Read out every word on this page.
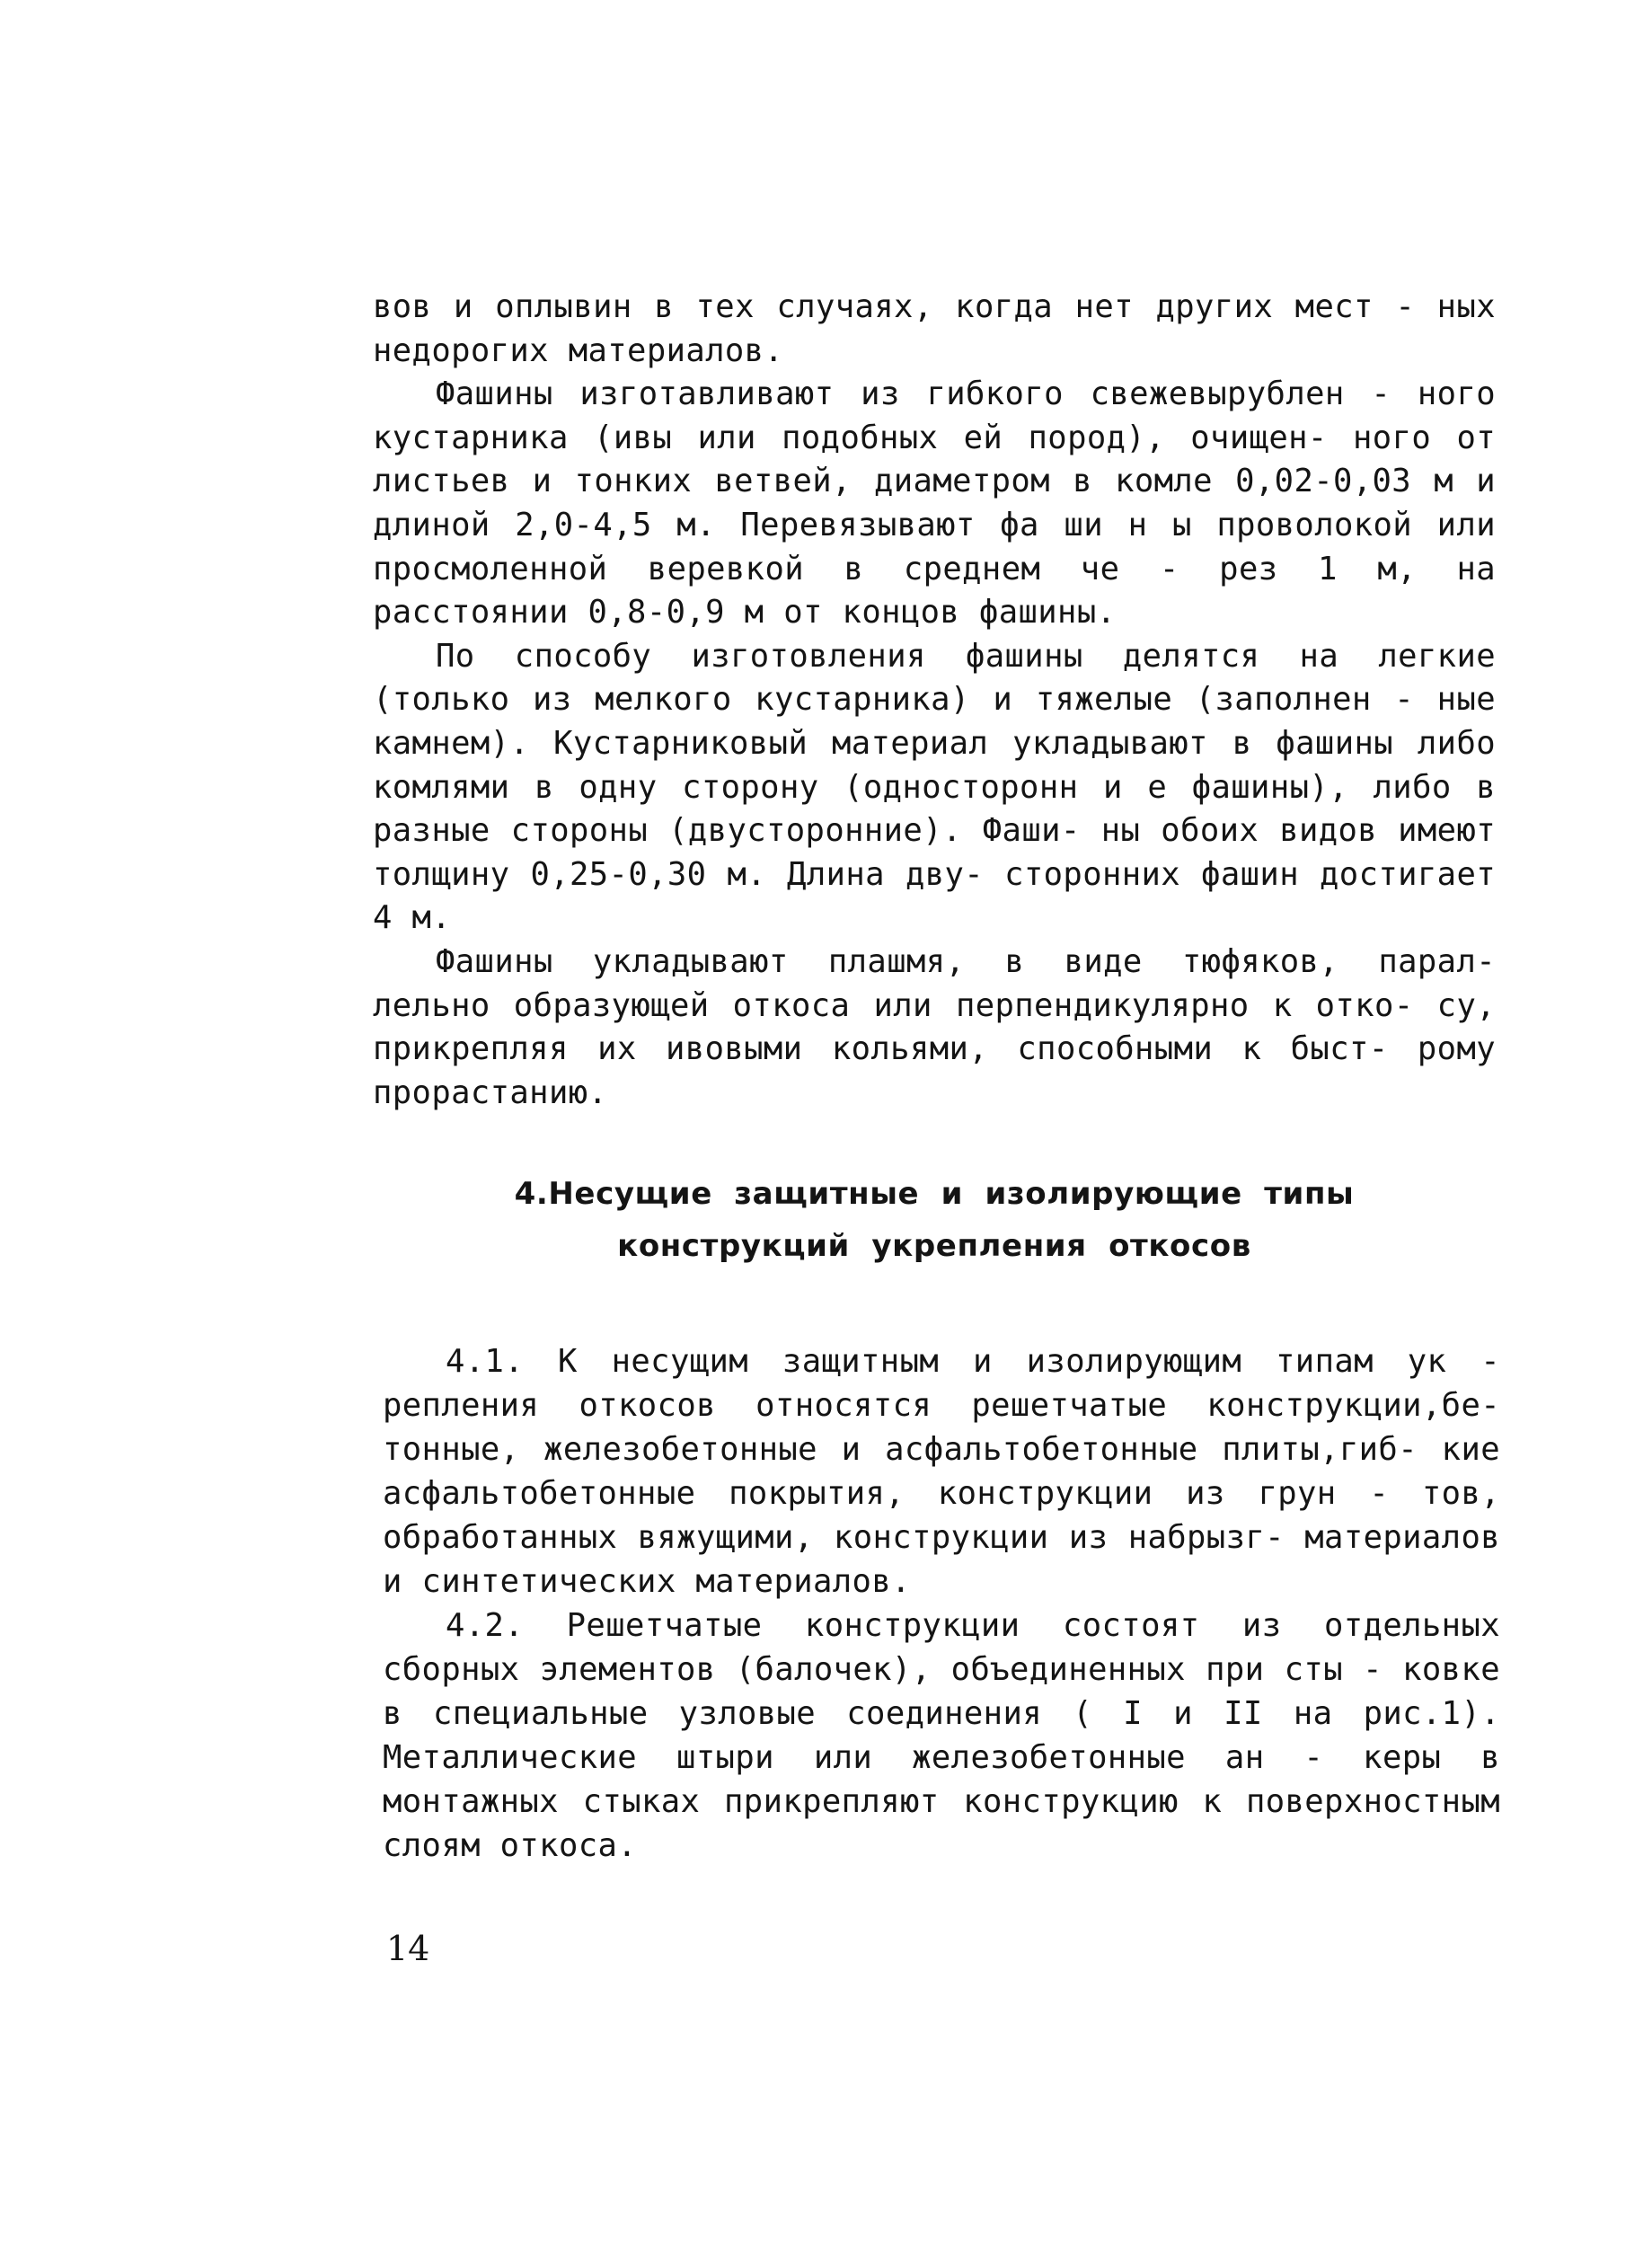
вов и оплывин в тех случаях, когда нет других мест - ных недорогих материалов.

Фашины изготавливают из гибкого свежевырублен - ного кустарника (ивы или подобных ей пород), очищен- ного от листьев и тонких ветвей, диаметром в комле 0,02-0,03 м и длиной 2,0-4,5 м. Перевязывают фа ши н ы проволокой или просмоленной веревкой в среднем че - рез 1 м, на расстоянии 0,8-0,9 м от концов фашины.

По способу изготовления фашины делятся на легкие (только из мелкого кустарника) и тяжелые (заполнен - ные камнем). Кустарниковый материал укладывают в фашины либо комлями в одну сторону (односторонн и е фашины), либо в разные стороны (двусторонние). Фаши- ны обоих видов имеют толщину 0,25-0,30 м. Длина дву- сторонних фашин достигает 4 м.

Фашины укладывают плашмя, в виде тюфяков, парал- лельно образующей откоса или перпендикулярно к отко- су, прикрепляя их ивовыми кольями, способными к быст- рому прорастанию.

4.Несущие защитные и изолирующие типы
конструкций укрепления откосов

4.1. К несущим защитным и изолирующим типам ук - репления откосов относятся решетчатые конструкции,бе- тонные, железобетонные и асфальтобетонные плиты,гиб- кие асфальтобетонные покрытия, конструкции из грун - тов, обработанных вяжущими, конструкции из набрызг- материалов и синтетических материалов.

4.2. Решетчатые конструкции состоят из отдельных сборных элементов (балочек), объединенных при сты - ковке в специальные узловые соединения ( I и II на рис.1). Металлические штыри или железобетонные ан - керы в монтажных стыках прикрепляют конструкцию к поверхностным слоям откоса.

14
